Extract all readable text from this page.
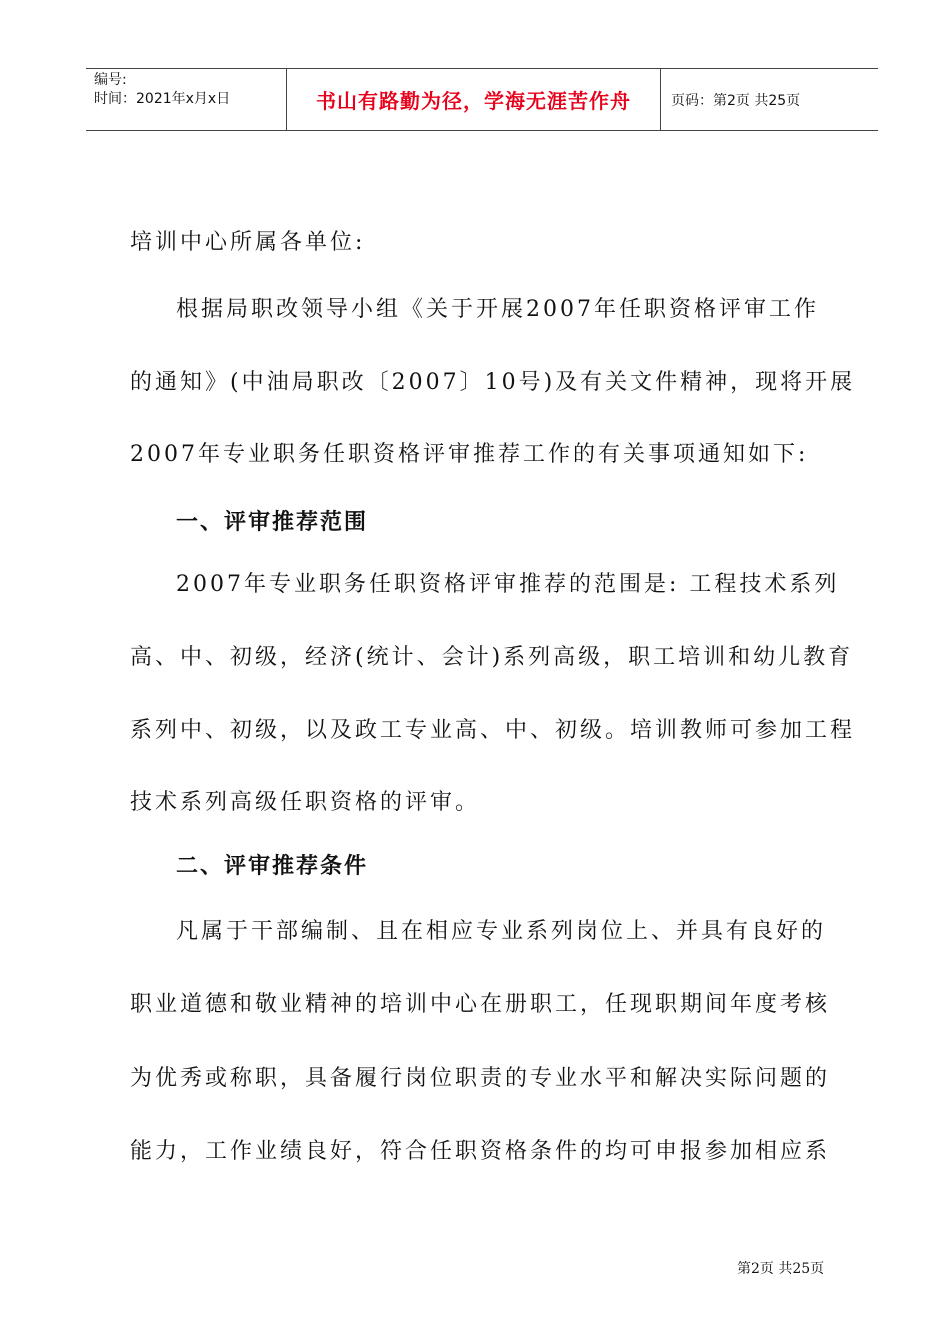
编号:
时间：2021年x月x日	书山有路勤为径，学海无涯苦作舟	页码：第2页 共25页
培训中心所属各单位:
根据局职改领导小组《关于开展2007年任职资格评审工作
的通知》(中油局职改〔2007〕10号)及有关文件精神，现将开展
2007年专业职务任职资格评审推荐工作的有关事项通知如下:
一、评审推荐范围
2007年专业职务任职资格评审推荐的范围是: 工程技术系列
高、中、初级，经济(统计、会计)系列高级，职工培训和幼儿教育
系列中、初级，以及政工专业高、中、初级。培训教师可参加工程
技术系列高级任职资格的评审。
二、评审推荐条件
凡属于干部编制、且在相应专业系列岗位上、并具有良好的
职业道德和敬业精神的培训中心在册职工，任现职期间年度考核
为优秀或称职，具备履行岗位职责的专业水平和解决实际问题的
能力，工作业绩良好，符合任职资格条件的均可申报参加相应系
第2页 共25页
